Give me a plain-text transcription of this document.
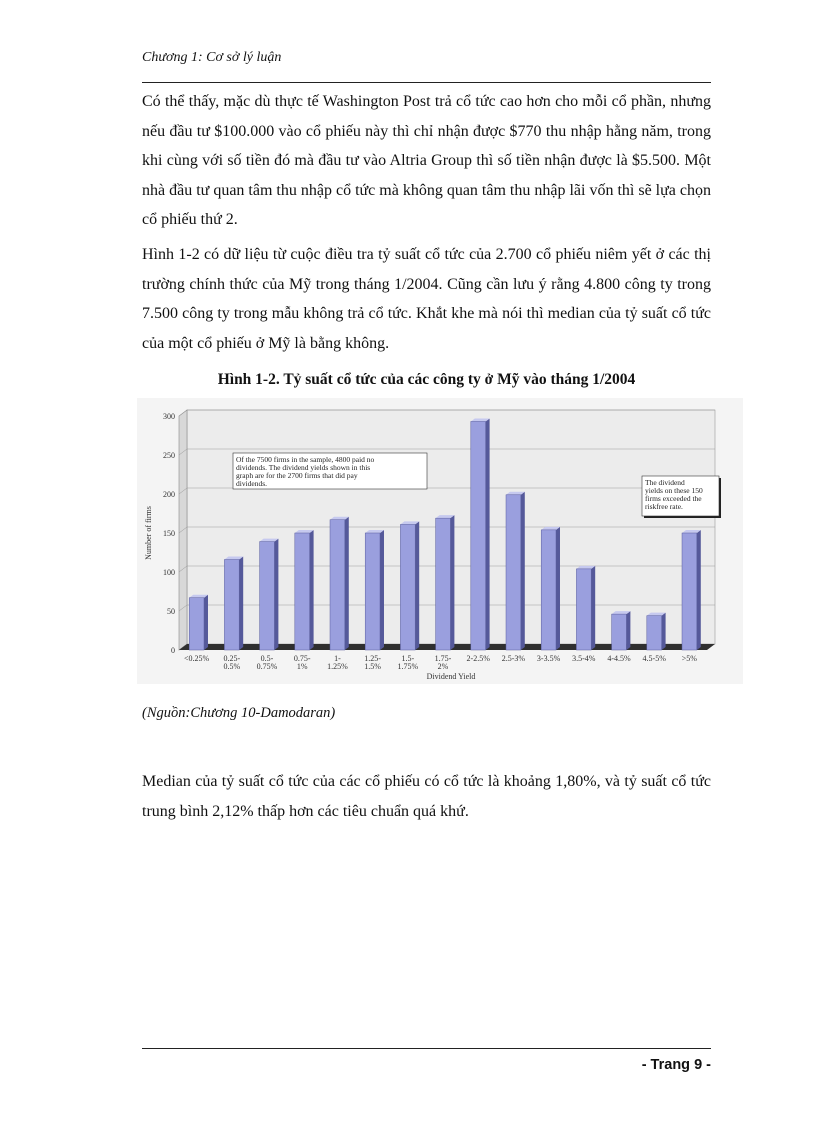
Chương 1: Cơ sở lý luận

Có thể thấy, mặc dù thực tế Washington Post trả cổ tức cao hơn cho mỗi cổ phần, nhưng nếu đầu tư $100.000 vào cổ phiếu này thì chỉ nhận được $770 thu nhập hằng năm, trong khi cùng với số tiền đó mà đầu tư vào Altria Group thì số tiền nhận được là $5.500. Một nhà đầu tư quan tâm thu nhập cổ tức mà không quan tâm thu nhập lãi vốn thì sẽ lựa chọn cổ phiếu thứ 2.

Hình 1-2 có dữ liệu từ cuộc điều tra tỷ suất cổ tức của 2.700 cổ phiếu niêm yết ở các thị trường chính thức của Mỹ trong tháng 1/2004. Cũng cần lưu ý rằng 4.800 công ty trong 7.500 công ty trong mẫu không trả cổ tức. Khắt khe mà nói thì median của tỷ suất cổ tức của một cổ phiếu ở Mỹ là bằng không.

Hình 1-2. Tỷ suất cổ tức của các công ty ở Mỹ vào tháng 1/2004
0
50
100
150
200
250
300
<0.25% 0.25-
0.5%
0.5-
0.75%
0.75-
1%
1-
1.25%
1.25-
1.5%
1.5-
1.75%
1.75-
2%
2-2.5% 2.5-3% 3-3.5% 3.5-4% 4-4.5% 4.5-5% >5%
Dividend Yield
Number of firms
Of the 7500 firms in the sample, 4800 paid no
dividends. The dividend yields shown in this
graph are for the 2700 firms that did pay
dividends.	The dividend
yields on these 150
firms exceeded the
riskfree rate.
(Nguồn:Chương 10-Damodaran)

Median của tỷ suất cổ tức của các cổ phiếu có cổ tức là khoảng 1,80%, và tỷ suất cổ tức trung bình 2,12% thấp hơn các tiêu chuẩn quá khứ.

- Trang 9 -
